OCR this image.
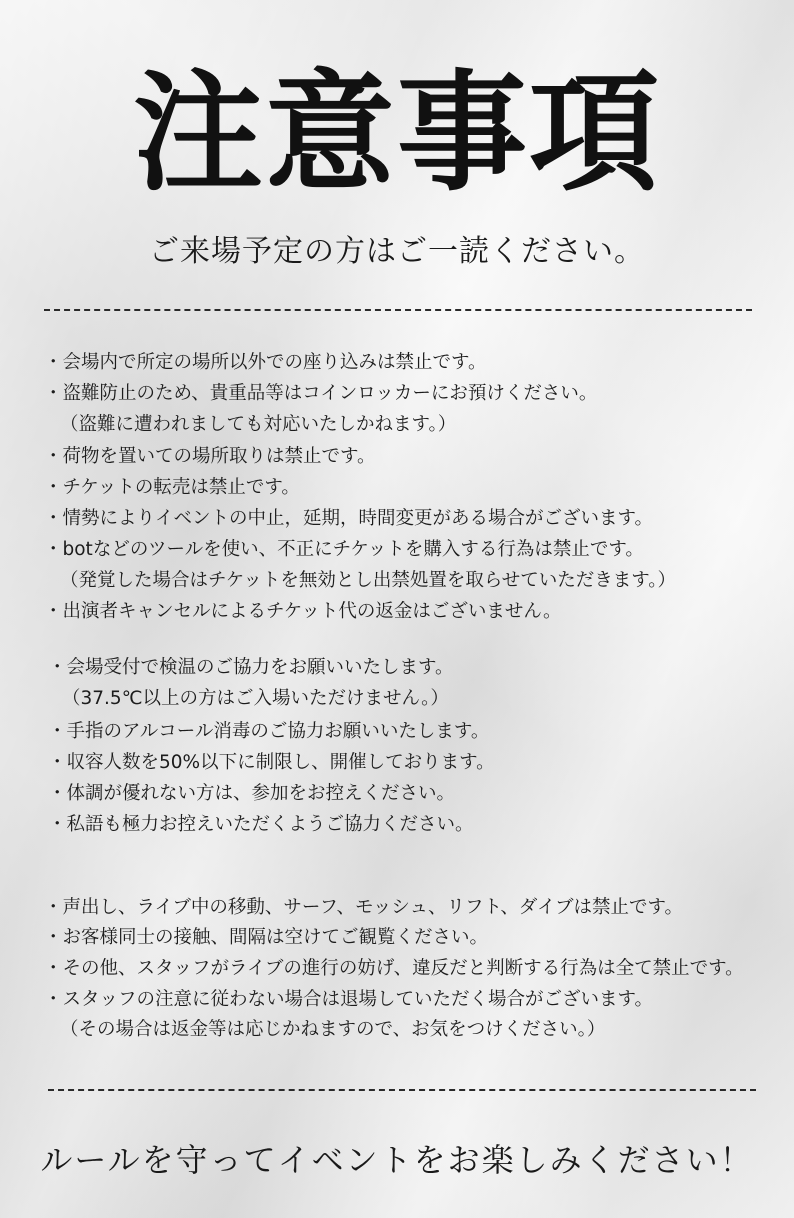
注意事項
ご来場予定の方はご一読ください。
・会場内で所定の場所以外での座り込みは禁止です。
・盗難防止のため、貴重品等はコインロッカーにお預けください。
（盗難に遭われましても対応いたしかねます。）
・荷物を置いての場所取りは禁止です。
・チケットの転売は禁止です。
・情勢によりイベントの中止，延期，時間変更がある場合がございます。
・botなどのツールを使い、不正にチケットを購入する行為は禁止です。
（発覚した場合はチケットを無効とし出禁処置を取らせていただきます。）
・出演者キャンセルによるチケット代の返金はございません。
・会場受付で検温のご協力をお願いいたします。
（37.5℃以上の方はご入場いただけません。）
・手指のアルコール消毒のご協力お願いいたします。
・収容人数を50%以下に制限し、開催しております。
・体調が優れない方は、参加をお控えください。
・私語も極力お控えいただくようご協力ください。
・声出し、ライブ中の移動、サーフ、モッシュ、リフト、ダイブは禁止です。
・お客様同士の接触、間隔は空けてご観覧ください。
・その他、スタッフがライブの進行の妨げ、違反だと判断する行為は全て禁止です。
・スタッフの注意に従わない場合は退場していただく場合がございます。
（その場合は返金等は応じかねますので、お気をつけください。）
ルールを守ってイベントをお楽しみください！
